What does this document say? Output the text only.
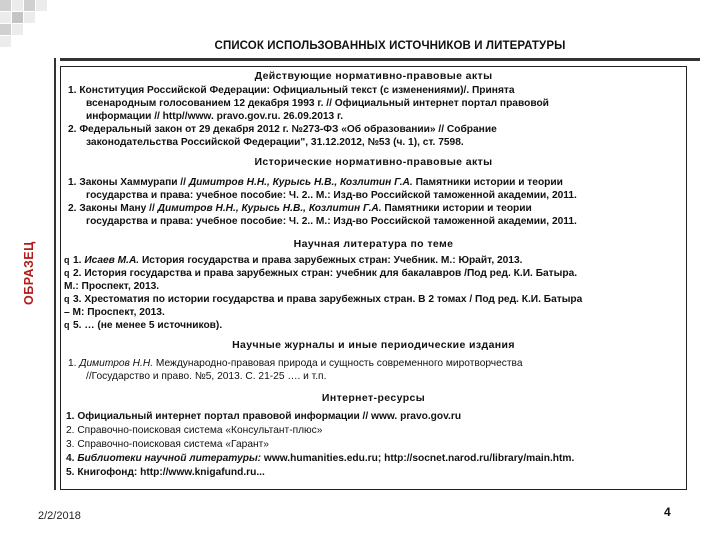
СПИСОК ИСПОЛЬЗОВАННЫХ ИСТОЧНИКОВ И ЛИТЕРАТУРЫ
ОБРАЗЕЦ
Действующие нормативно-правовые акты
1. Конституция Российской Федерации: Официальный текст (с изменениями)/. Принята
всенародным голосованием 12 декабря 1993 г. // Официальный интернет портал правовой
информации // http//www. pravo.gov.ru. 26.09.2013 г.
2. Федеральный закон от 29 декабря 2012 г. №273-ФЗ «Об образовании» // Собрание
законодательства Российской Федерации", 31.12.2012, №53 (ч. 1), ст. 7598.
Исторические нормативно-правовые акты
1. Законы Хаммурапи // Димитров Н.Н., Курысь Н.В., Козлитин Г.А. Памятники истории и теории
государства и права: учебное пособие: Ч. 2.. М.: Изд-во Российской таможенной академии, 2011.
2. Законы Ману // Димитров Н.Н., Курысь Н.В., Козлитин Г.А. Памятники истории и теории
государства и права: учебное пособие: Ч. 2.. М.: Изд-во Российской таможенной академии, 2011.
Научная литература по теме
q 1. Исаев М.А. История государства и права зарубежных стран: Учебник. М.: Юрайт, 2013.
q 2. История государства и права зарубежных стран: учебник для бакалавров /Под ред. К.И. Батыра.
М.: Проспект, 2013.
q 3. Хрестоматия по истории государства и права зарубежных стран. В 2 томах / Под ред. К.И. Батыра
– М: Проспект, 2013.
q 5. … (не менее 5 источников).
Научные журналы и иные периодические издания
1. Димитров Н.Н. Международно-правовая природа и сущность современного миротворчества
//Государство и право. №5, 2013. С. 21-25 …. и т.п.
Интернет-ресурсы
1. Официальный интернет портал правовой информации // www. pravo.gov.ru
2. Справочно-поисковая система «Консультант-плюс»
3. Справочно-поисковая система «Гарант»
4. Библиотеки научной литературы: www.humanities.edu.ru; http://socnet.narod.ru/library/main.htm.
5. Книгофонд: http://www.knigafund.ru...
2/2/2018	4
